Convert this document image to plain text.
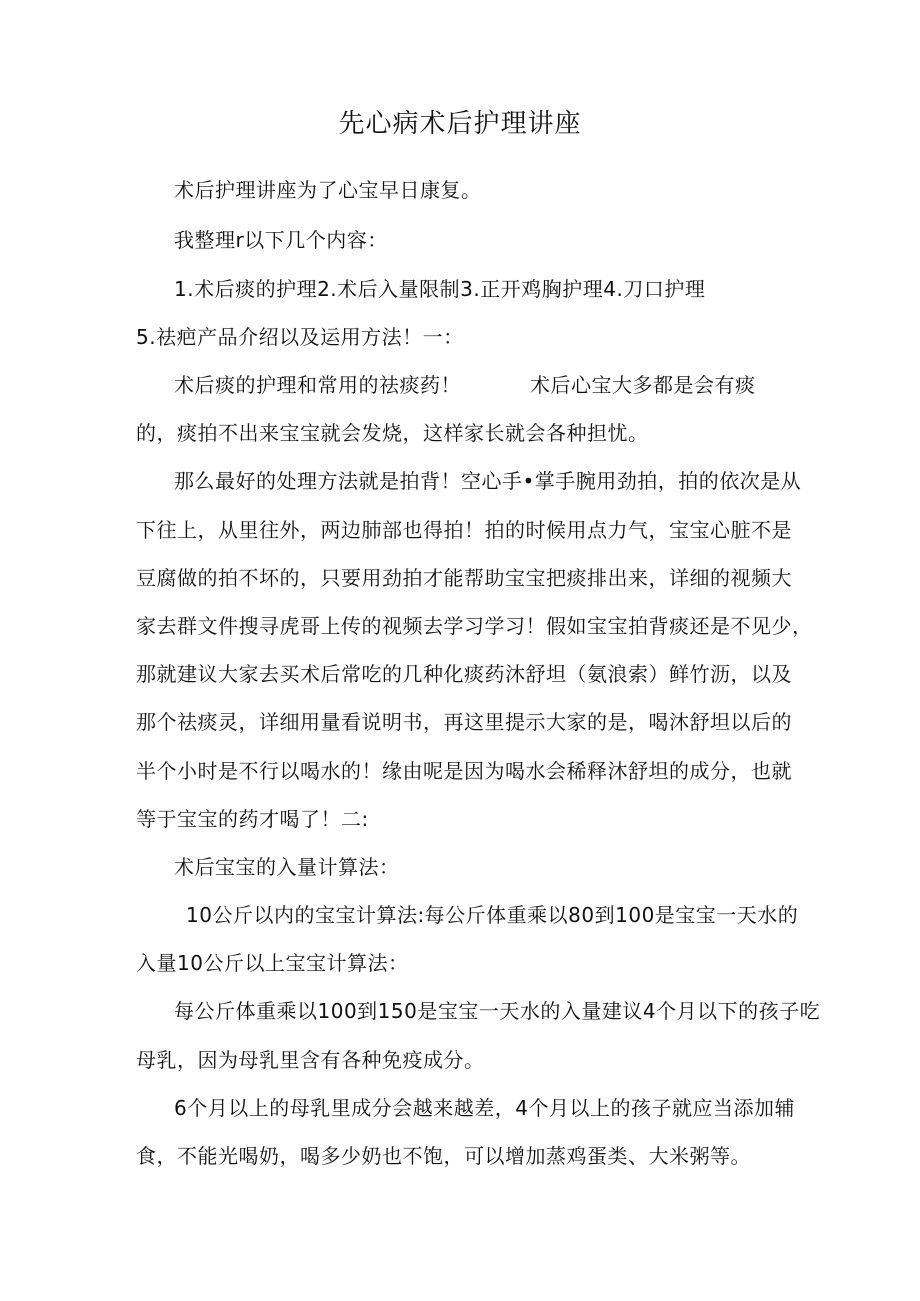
先心病术后护理讲座
术后护理讲座为了心宝早日康复。
我整理r以下几个内容：
1.术后痰的护理2.术后入量限制3.正开鸡胸护理4.刀口护理
5.祛疤产品介绍以及运用方法！一：
术后痰的护理和常用的祛痰药！	术后心宝大多都是会有痰
的，痰拍不出来宝宝就会发烧，这样家长就会各种担忧。
那么最好的处理方法就是拍背！空心手•掌手腕用劲拍，拍的依次是从
下往上，从里往外，两边肺部也得拍！拍的时候用点力气，宝宝心脏不是
豆腐做的拍不坏的，只要用劲拍才能帮助宝宝把痰排出来，详细的视频大
家去群文件搜寻虎哥上传的视频去学习学习！假如宝宝拍背痰还是不见少，
那就建议大家去买术后常吃的几种化痰药沐舒坦（氨浪索）鲜竹沥，以及
那个祛痰灵，详细用量看说明书，再这里提示大家的是，喝沐舒坦以后的
半个小时是不行以喝水的！缘由呢是因为喝水会稀释沐舒坦的成分，也就
等于宝宝的药才喝了！二:
术后宝宝的入量计算法：
10公斤以内的宝宝计算法:每公斤体重乘以80到100是宝宝一天水的
入量10公斤以上宝宝计算法：
每公斤体重乘以100到150是宝宝一天水的入量建议4个月以下的孩子吃
母乳，因为母乳里含有各种免疫成分。
6个月以上的母乳里成分会越来越差，4个月以上的孩子就应当添加辅
食，不能光喝奶，喝多少奶也不饱，可以增加蒸鸡蛋类、大米粥等。
